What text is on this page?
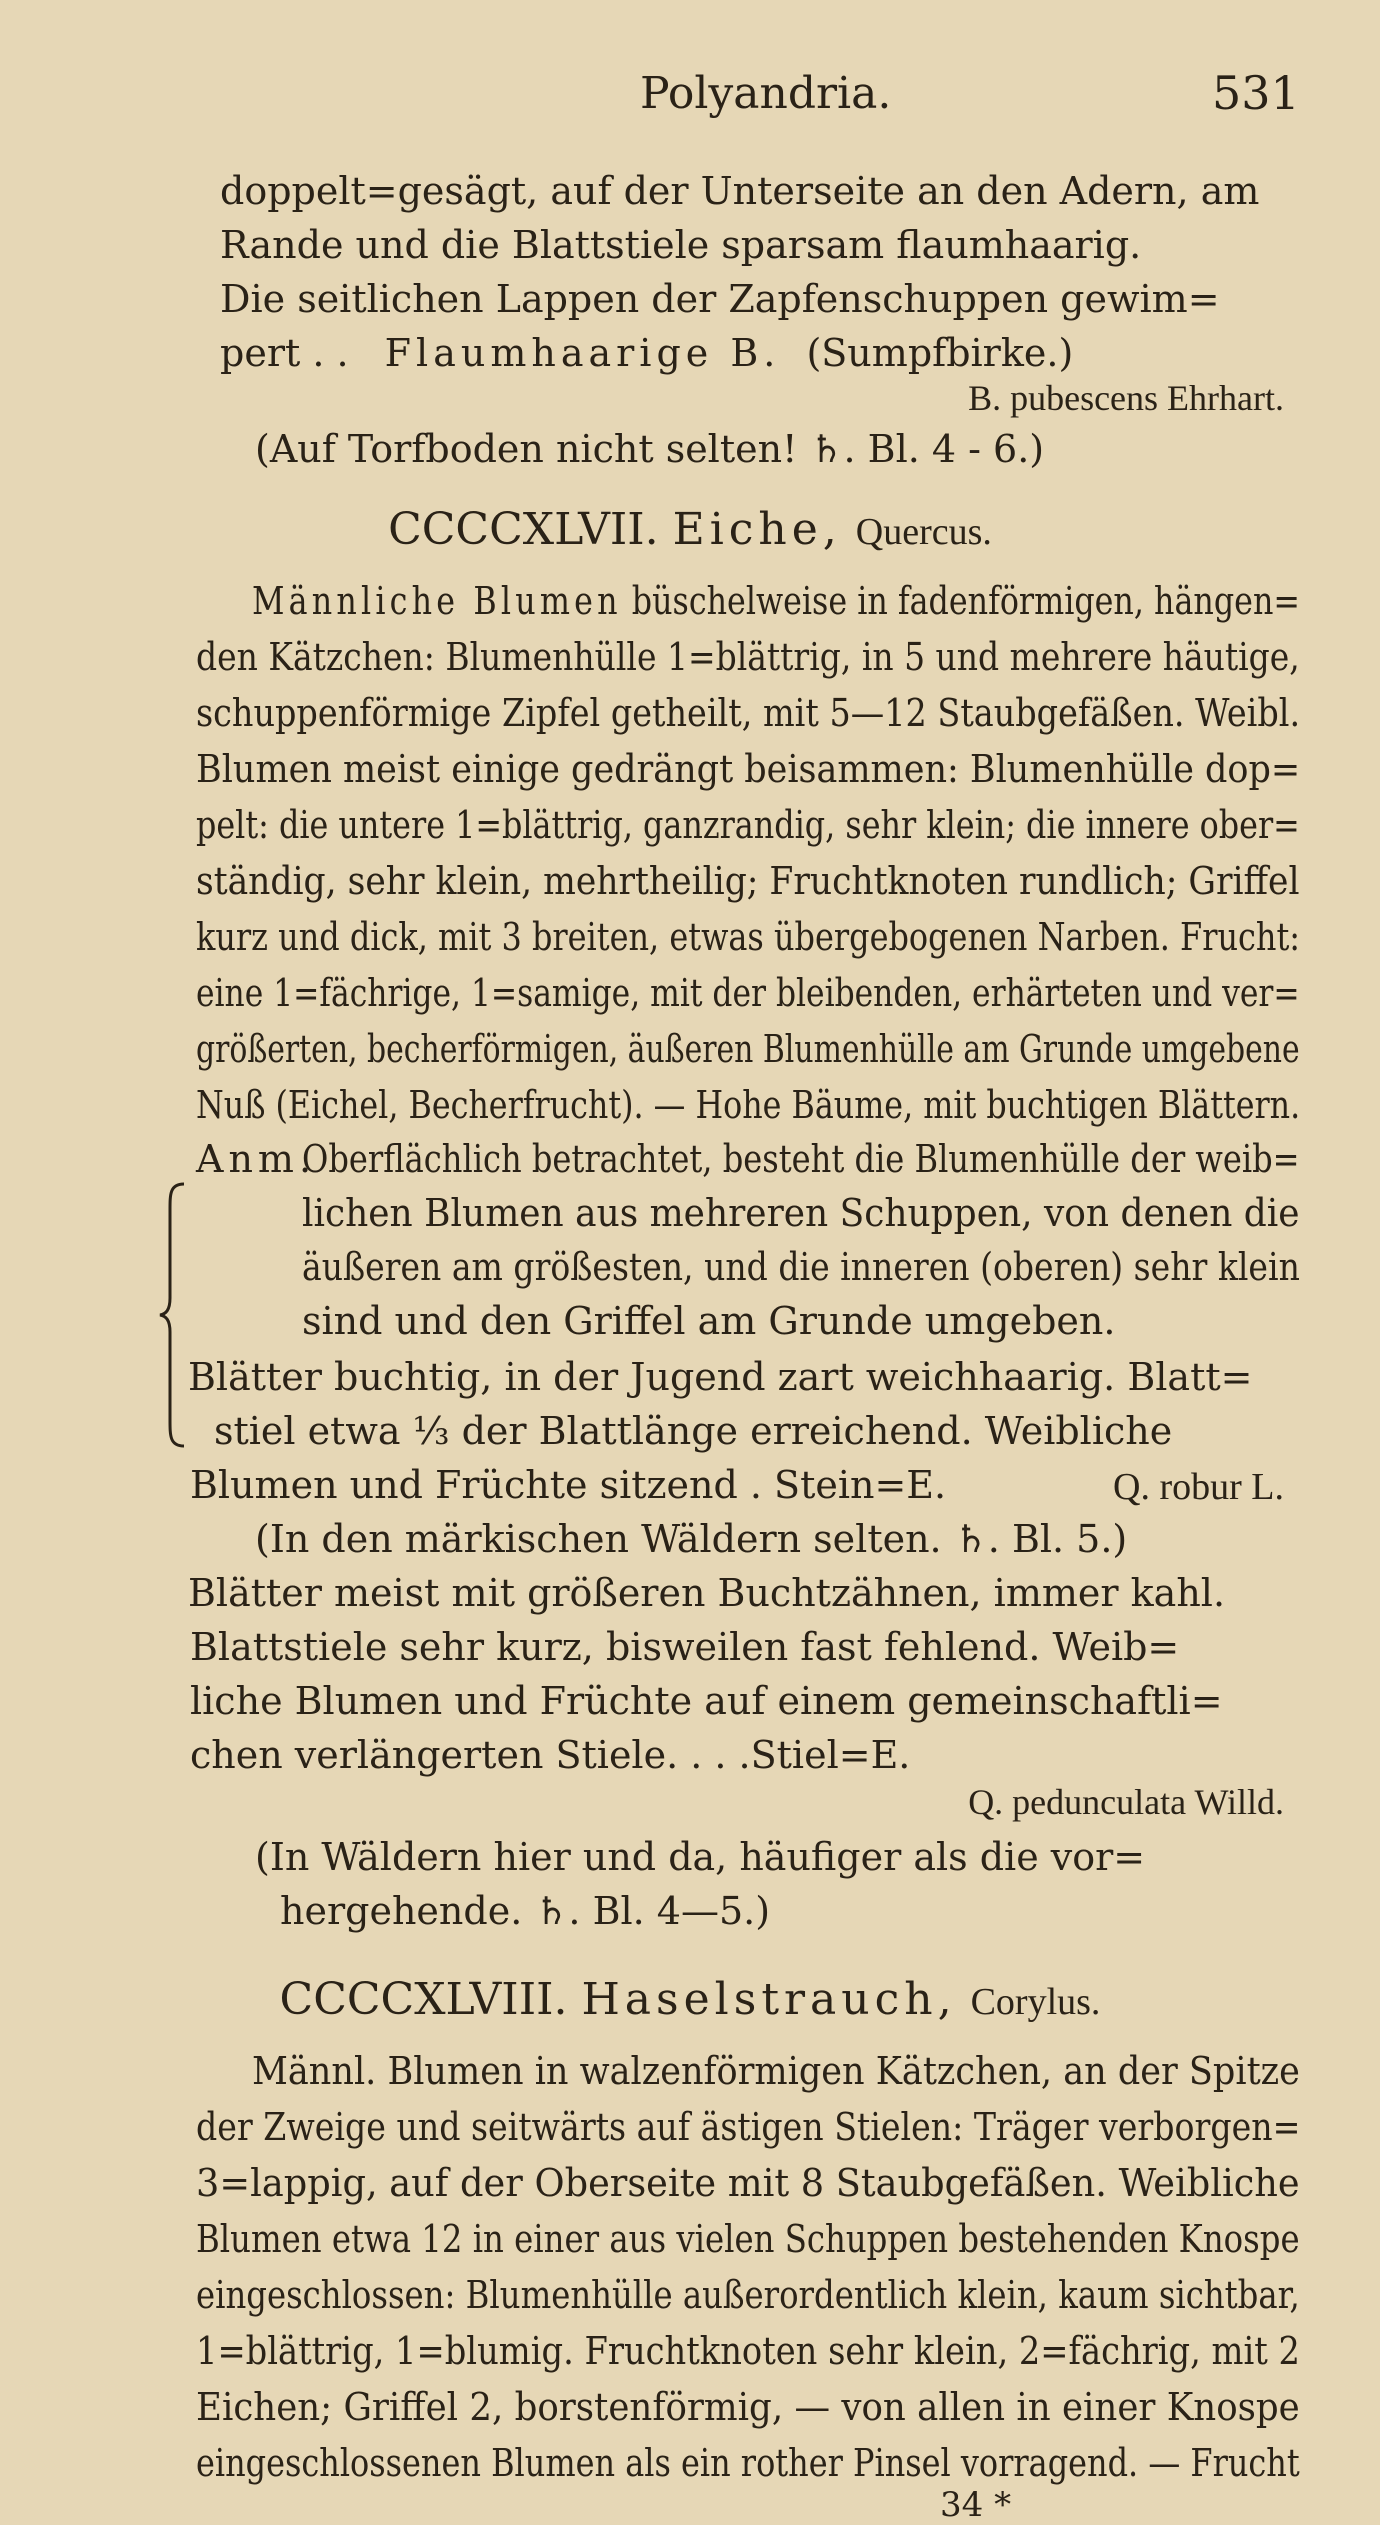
Polyandria.	531
doppelt=gesägt, auf der Unterseite an den Adern, am
Rande und die Blattstiele sparsam flaumhaarig.
Die seitlichen Lappen der Zapfenschuppen gewim=
pert . . Flaumhaarige B. (Sumpfbirke.)
B. pubescens Ehrhart.
(Auf Torfboden nicht selten! ♄. Bl. 4 - 6.)
CCCCXLVII. Eiche, Quercus.
Männliche Blumen büschelweise in fadenförmigen, hängen=
den Kätzchen: Blumenhülle 1=blättrig, in 5 und mehrere häutige,
schuppenförmige Zipfel getheilt, mit 5—12 Staubgefäßen. Weibl.
Blumen meist einige gedrängt beisammen: Blumenhülle dop=
pelt: die untere 1=blättrig, ganzrandig, sehr klein; die innere ober=
ständig, sehr klein, mehrtheilig; Fruchtknoten rundlich; Griffel
kurz und dick, mit 3 breiten, etwas übergebogenen Narben. Frucht:
eine 1=fächrige, 1=samige, mit der bleibenden, erhärteten und ver=
größerten, becherförmigen, äußeren Blumenhülle am Grunde umgebene
Nuß (Eichel, Becherfrucht). — Hohe Bäume, mit buchtigen Blättern.
Anm.
Oberflächlich betrachtet, besteht die Blumenhülle der weib=
lichen Blumen aus mehreren Schuppen, von denen die
äußeren am größesten, und die inneren (oberen) sehr klein
sind und den Griffel am Grunde umgeben.
Blätter buchtig, in der Jugend zart weichhaarig. Blatt=
stiel etwa ⅓ der Blattlänge erreichend. Weibliche
Blumen und Früchte sitzend . Stein=E.	Q. robur L.
(In den märkischen Wäldern selten. ♄. Bl. 5.)
Blätter meist mit größeren Buchtzähnen, immer kahl.
Blattstiele sehr kurz, bisweilen fast fehlend. Weib=
liche Blumen und Früchte auf einem gemeinschaftli=
chen verlängerten Stiele. . . .Stiel=E.
Q. pedunculata Willd.
(In Wäldern hier und da, häufiger als die vor=
hergehende. ♄. Bl. 4—5.)
CCCCXLVIII. Haselstrauch, Corylus.
Männl. Blumen in walzenförmigen Kätzchen, an der Spitze
der Zweige und seitwärts auf ästigen Stielen: Träger verborgen=
3=lappig, auf der Oberseite mit 8 Staubgefäßen. Weibliche
Blumen etwa 12 in einer aus vielen Schuppen bestehenden Knospe
eingeschlossen: Blumenhülle außerordentlich klein, kaum sichtbar,
1=blättrig, 1=blumig. Fruchtknoten sehr klein, 2=fächrig, mit 2
Eichen; Griffel 2, borstenförmig, — von allen in einer Knospe
eingeschlossenen Blumen als ein rother Pinsel vorragend. — Frucht
34 *
